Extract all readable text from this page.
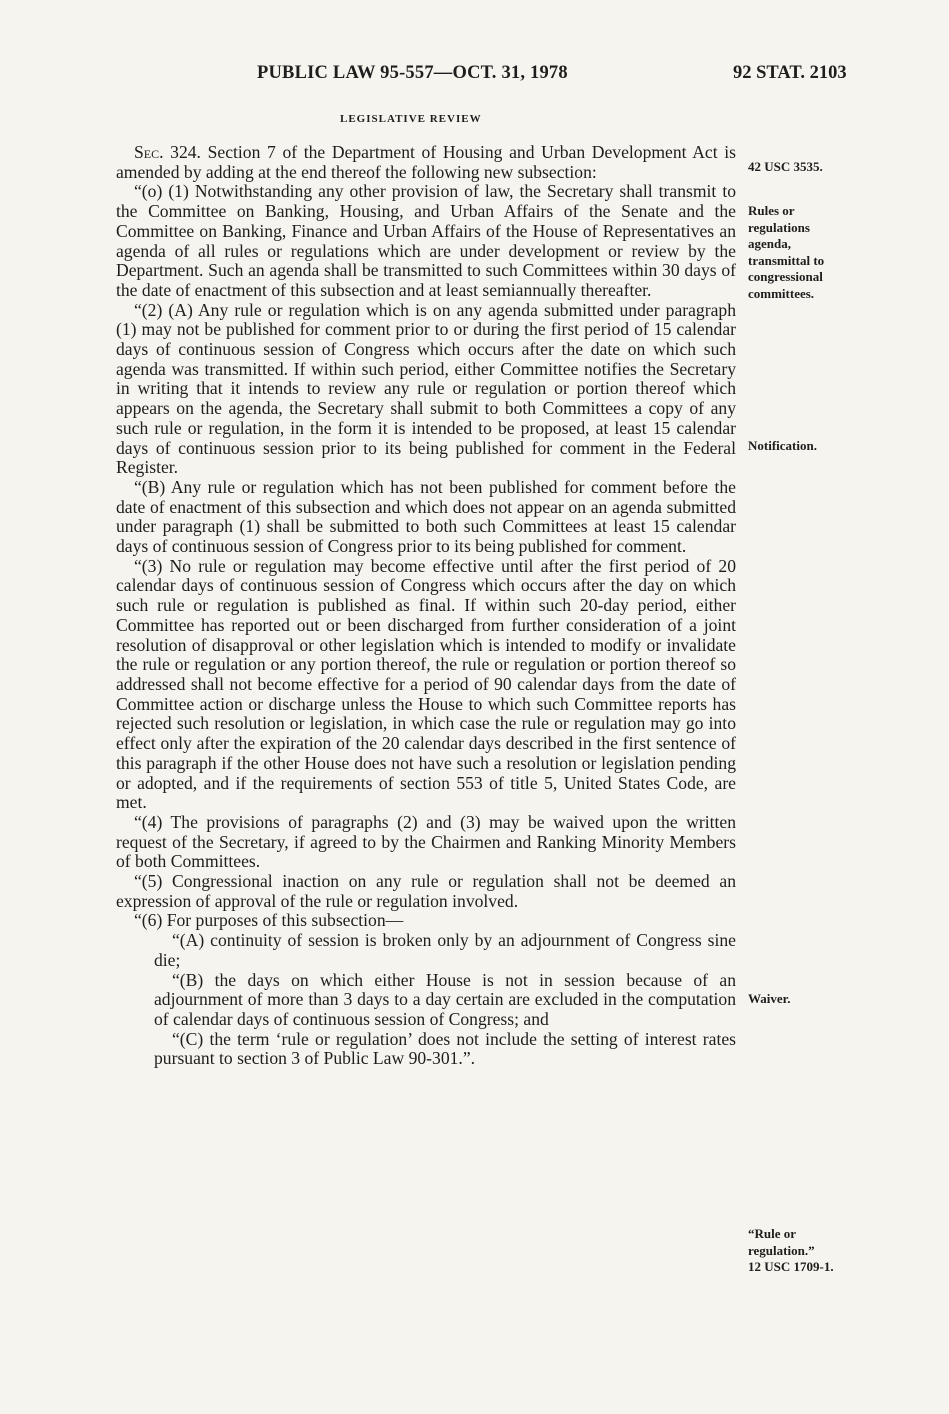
PUBLIC LAW 95-557—OCT. 31, 1978	92 STAT. 2103
LEGISLATIVE REVIEW

Sec. 324. Section 7 of the Department of Housing and Urban Development Act is amended by adding at the end thereof the following new subsection:

“(o) (1) Notwithstanding any other provision of law, the Secretary shall transmit to the Committee on Banking, Housing, and Urban Affairs of the Senate and the Committee on Banking, Finance and Urban Affairs of the House of Representatives an agenda of all rules or regulations which are under development or review by the Department. Such an agenda shall be transmitted to such Committees within 30 days of the date of enactment of this subsection and at least semiannually thereafter.

“(2) (A) Any rule or regulation which is on any agenda submitted under paragraph (1) may not be published for comment prior to or during the first period of 15 calendar days of continuous session of Congress which occurs after the date on which such agenda was transmitted. If within such period, either Committee notifies the Secretary in writing that it intends to review any rule or regulation or portion thereof which appears on the agenda, the Secretary shall submit to both Committees a copy of any such rule or regulation, in the form it is intended to be proposed, at least 15 calendar days of continuous session prior to its being published for comment in the Federal Register.

“(B) Any rule or regulation which has not been published for comment before the date of enactment of this subsection and which does not appear on an agenda submitted under paragraph (1) shall be submitted to both such Committees at least 15 calendar days of continuous session of Congress prior to its being published for comment.

“(3) No rule or regulation may become effective until after the first period of 20 calendar days of continuous session of Congress which occurs after the day on which such rule or regulation is published as final. If within such 20-day period, either Committee has reported out or been discharged from further consideration of a joint resolution of disapproval or other legislation which is intended to modify or invalidate the rule or regulation or any portion thereof, the rule or regulation or portion thereof so addressed shall not become effective for a period of 90 calendar days from the date of Committee action or discharge unless the House to which such Committee reports has rejected such resolution or legislation, in which case the rule or regulation may go into effect only after the expiration of the 20 calendar days described in the first sentence of this paragraph if the other House does not have such a resolution or legislation pending or adopted, and if the requirements of section 553 of title 5, United States Code, are met.

“(4) The provisions of paragraphs (2) and (3) may be waived upon the written request of the Secretary, if agreed to by the Chairmen and Ranking Minority Members of both Committees.

“(5) Congressional inaction on any rule or regulation shall not be deemed an expression of approval of the rule or regulation involved.

“(6) For purposes of this subsection—

“(A) continuity of session is broken only by an adjournment of Congress sine die;

“(B) the days on which either House is not in session because of an adjournment of more than 3 days to a day certain are excluded in the computation of calendar days of continuous session of Congress; and

“(C) the term ‘rule or regulation’ does not include the setting of interest rates pursuant to section 3 of Public Law 90-301.”.

42 USC 3535.
Rules or
regulations
agenda,
transmittal to
congressional
committees.
Notification.
Waiver.
“Rule or
regulation.”
12 USC 1709-1.
